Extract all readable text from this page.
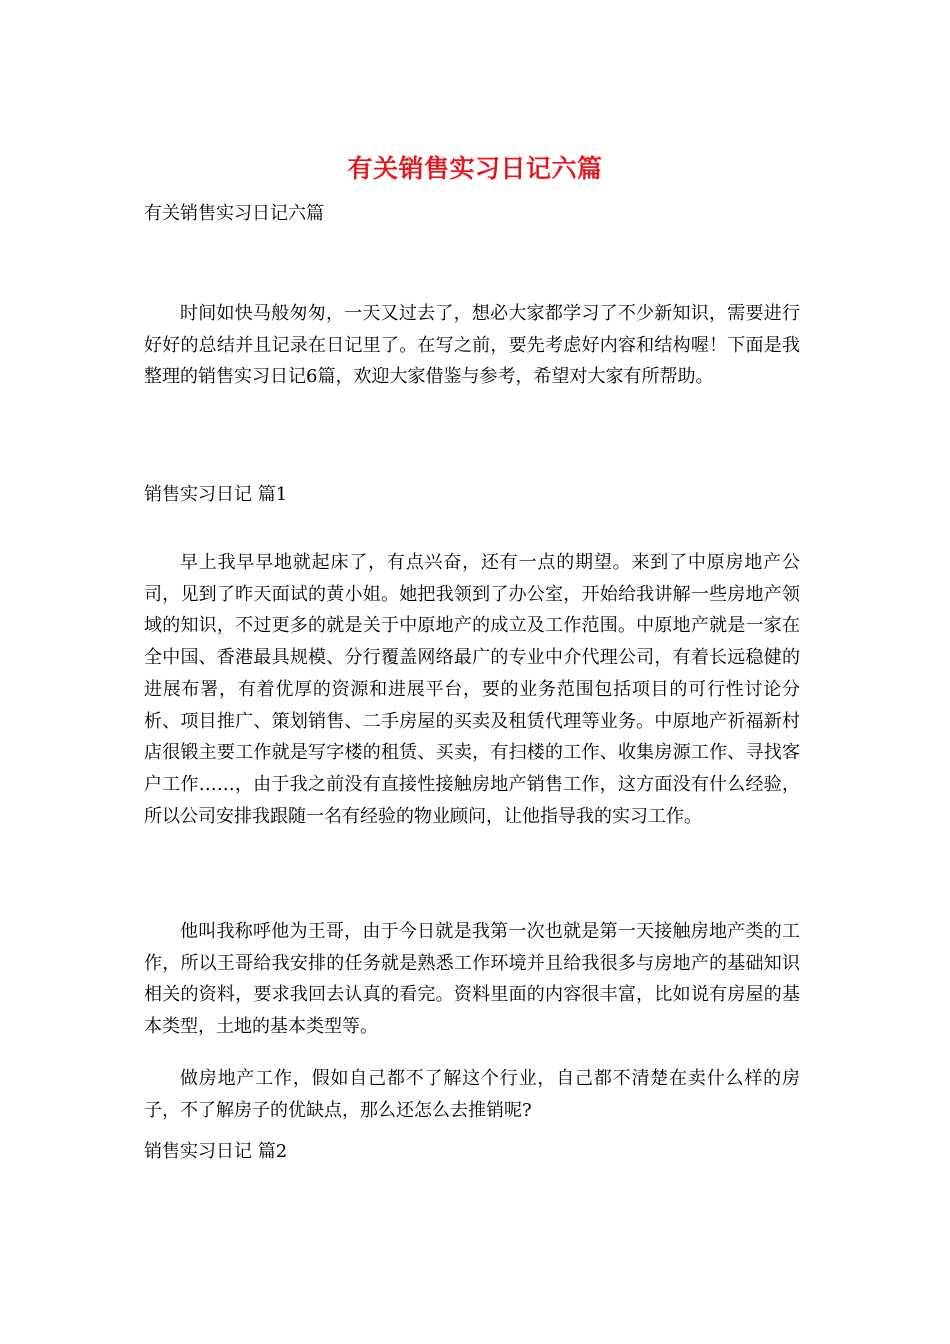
有关销售实习日记六篇
有关销售实习日记六篇

时间如快马般匆匆，一天又过去了，想必大家都学习了不少新知识，需要进行好好的总结并且记录在日记里了。在写之前，要先考虑好内容和结构喔！下面是我整理的销售实习日记6篇，欢迎大家借鉴与参考，希望对大家有所帮助。

销售实习日记 篇1

早上我早早地就起床了，有点兴奋，还有一点的期望。来到了中原房地产公司，见到了昨天面试的黄小姐。她把我领到了办公室，开始给我讲解一些房地产领域的知识，不过更多的就是关于中原地产的成立及工作范围。中原地产就是一家在全中国、香港最具规模、分行覆盖网络最广的专业中介代理公司，有着长远稳健的进展布署，有着优厚的资源和进展平台，要的业务范围包括项目的可行性讨论分析、项目推广、策划销售、二手房屋的买卖及租赁代理等业务。中原地产祈福新村店很锻主要工作就是写字楼的租赁、买卖，有扫楼的工作、收集房源工作、寻找客户工作……，由于我之前没有直接性接触房地产销售工作，这方面没有什么经验，所以公司安排我跟随一名有经验的物业顾问，让他指导我的实习工作。

他叫我称呼他为王哥，由于今日就是我第一次也就是第一天接触房地产类的工作，所以王哥给我安排的任务就是熟悉工作环境并且给我很多与房地产的基础知识相关的资料，要求我回去认真的看完。资料里面的内容很丰富，比如说有房屋的基本类型，土地的基本类型等。

做房地产工作，假如自己都不了解这个行业，自己都不清楚在卖什么样的房子，不了解房子的优缺点，那么还怎么去推销呢?

销售实习日记 篇2
